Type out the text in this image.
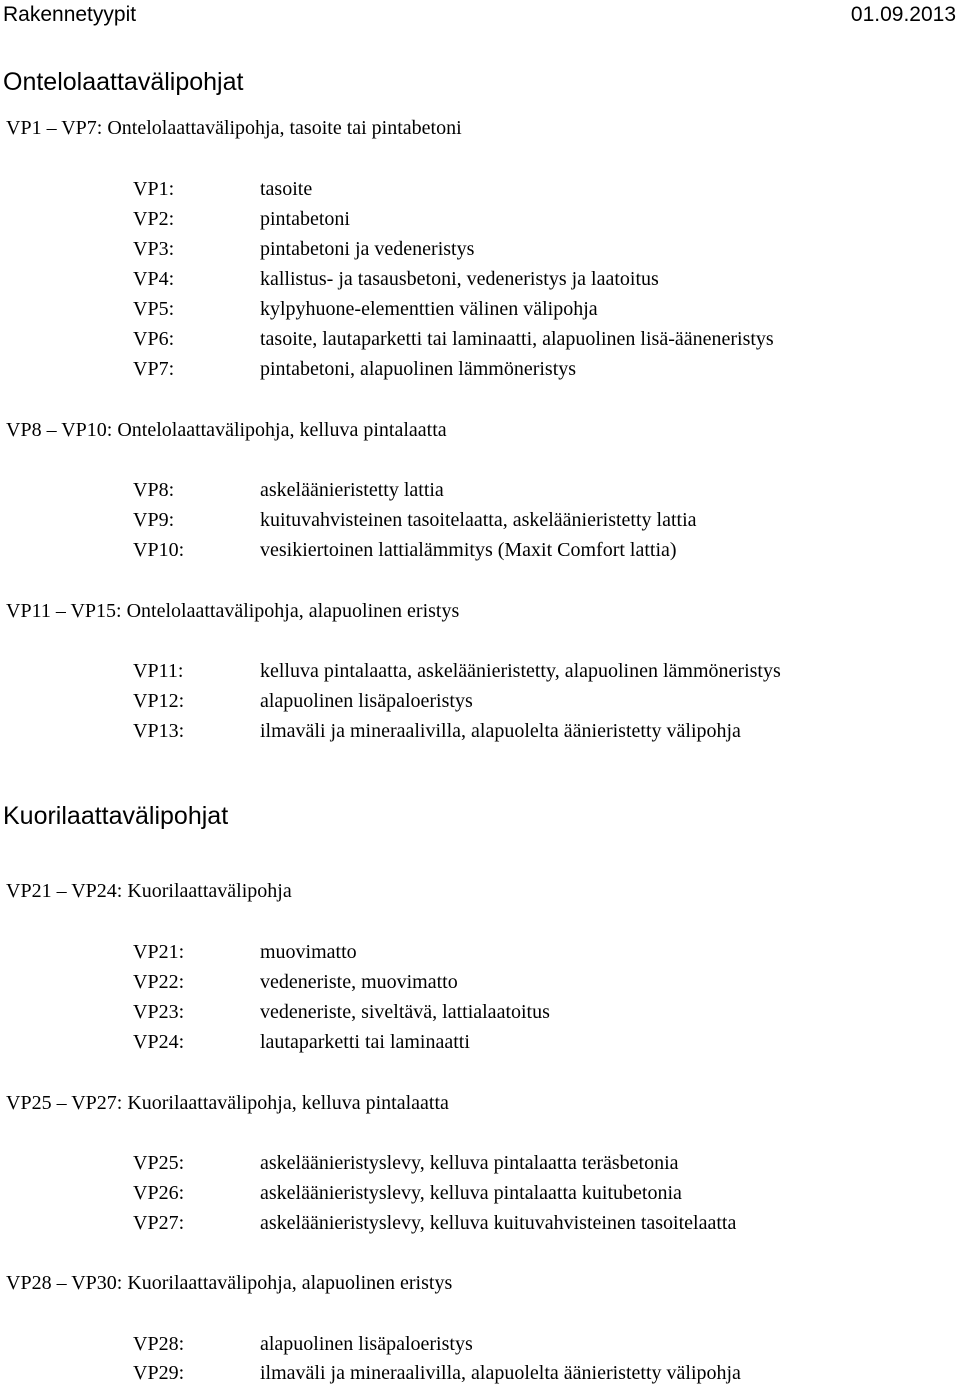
Rakennetyypit	01.09.2013
Ontelolaattavälipohjat
VP1 – VP7: Ontelolaattavälipohja, tasoite tai pintabetoni
VP1:	tasoite
VP2:	pintabetoni
VP3:	pintabetoni ja vedeneristys
VP4:	kallistus- ja tasausbetoni, vedeneristys ja laatoitus
VP5:	kylpyhuone-elementtien välinen välipohja
VP6:	tasoite, lautaparketti tai laminaatti, alapuolinen lisä-ääneneristys
VP7:	pintabetoni, alapuolinen lämmöneristys
VP8 – VP10: Ontelolaattavälipohja, kelluva pintalaatta
VP8:	askeläänieristetty lattia
VP9:	kuituvahvisteinen tasoitelaatta, askeläänieristetty lattia
VP10:	vesikiertoinen lattialämmitys (Maxit Comfort lattia)
VP11 – VP15: Ontelolaattavälipohja, alapuolinen eristys
VP11:	kelluva pintalaatta, askeläänieristetty, alapuolinen lämmöneristys
VP12:	alapuolinen lisäpaloeristys
VP13:	ilmaväli ja mineraalivilla, alapuolelta äänieristetty välipohja
Kuorilaattavälipohjat
VP21 – VP24: Kuorilaattavälipohja
VP21:	muovimatto
VP22:	vedeneriste, muovimatto
VP23:	vedeneriste, siveltävä, lattialaatoitus
VP24:	lautaparketti tai laminaatti
VP25 – VP27: Kuorilaattavälipohja, kelluva pintalaatta
VP25:	askeläänieristyslevy, kelluva pintalaatta teräsbetonia
VP26:	askeläänieristyslevy, kelluva pintalaatta kuitubetonia
VP27:	askeläänieristyslevy, kelluva kuituvahvisteinen tasoitelaatta
VP28 – VP30: Kuorilaattavälipohja, alapuolinen eristys
VP28:	alapuolinen lisäpaloeristys
VP29:	ilmaväli ja mineraalivilla, alapuolelta äänieristetty välipohja
